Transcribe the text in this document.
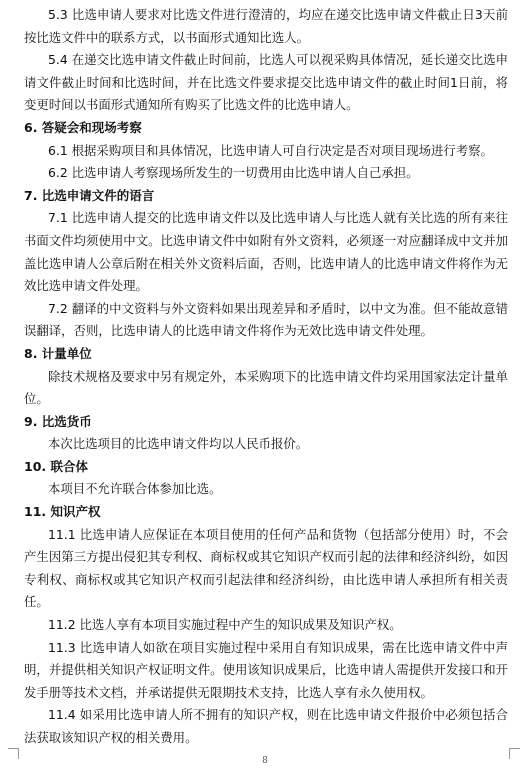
5.3 比选申请人要求对比选文件进行澄清的，均应在递交比选申请文件截止日3天前按比选文件中的联系方式，以书面形式通知比选人。

5.4 在递交比选申请文件截止时间前，比选人可以视采购具体情况，延长递交比选申请文件截止时间和比选时间，并在比选文件要求提交比选申请文件的截止时间1日前，将变更时间以书面形式通知所有购买了比选文件的比选申请人。

6. 答疑会和现场考察

6.1 根据采购项目和具体情况，比选申请人可自行决定是否对项目现场进行考察。

6.2 比选申请人考察现场所发生的一切费用由比选申请人自己承担。

7. 比选申请文件的语言

7.1 比选申请人提交的比选申请文件以及比选申请人与比选人就有关比选的所有来往书面文件均须使用中文。比选申请文件中如附有外文资料，必须逐一对应翻译成中文并加盖比选申请人公章后附在相关外文资料后面，否则，比选申请人的比选申请文件将作为无效比选申请文件处理。

7.2 翻译的中文资料与外文资料如果出现差异和矛盾时，以中文为准。但不能故意错误翻译，否则，比选申请人的比选申请文件将作为无效比选申请文件处理。

8. 计量单位

除技术规格及要求中另有规定外，本采购项下的比选申请文件均采用国家法定计量单位。

9. 比选货币

本次比选项目的比选申请文件均以人民币报价。

10. 联合体

本项目不允许联合体参加比选。

11. 知识产权

11.1 比选申请人应保证在本项目使用的任何产品和货物（包括部分使用）时，不会产生因第三方提出侵犯其专利权、商标权或其它知识产权而引起的法律和经济纠纷，如因专利权、商标权或其它知识产权而引起法律和经济纠纷，由比选申请人承担所有相关责任。

11.2 比选人享有本项目实施过程中产生的知识成果及知识产权。

11.3 比选申请人如欲在项目实施过程中采用自有知识成果，需在比选申请文件中声明，并提供相关知识产权证明文件。使用该知识成果后，比选申请人需提供开发接口和开发手册等技术文档，并承诺提供无限期技术支持，比选人享有永久使用权。

11.4 如采用比选申请人所不拥有的知识产权，则在比选申请文件报价中必须包括合法获取该知识产权的相关费用。

8
